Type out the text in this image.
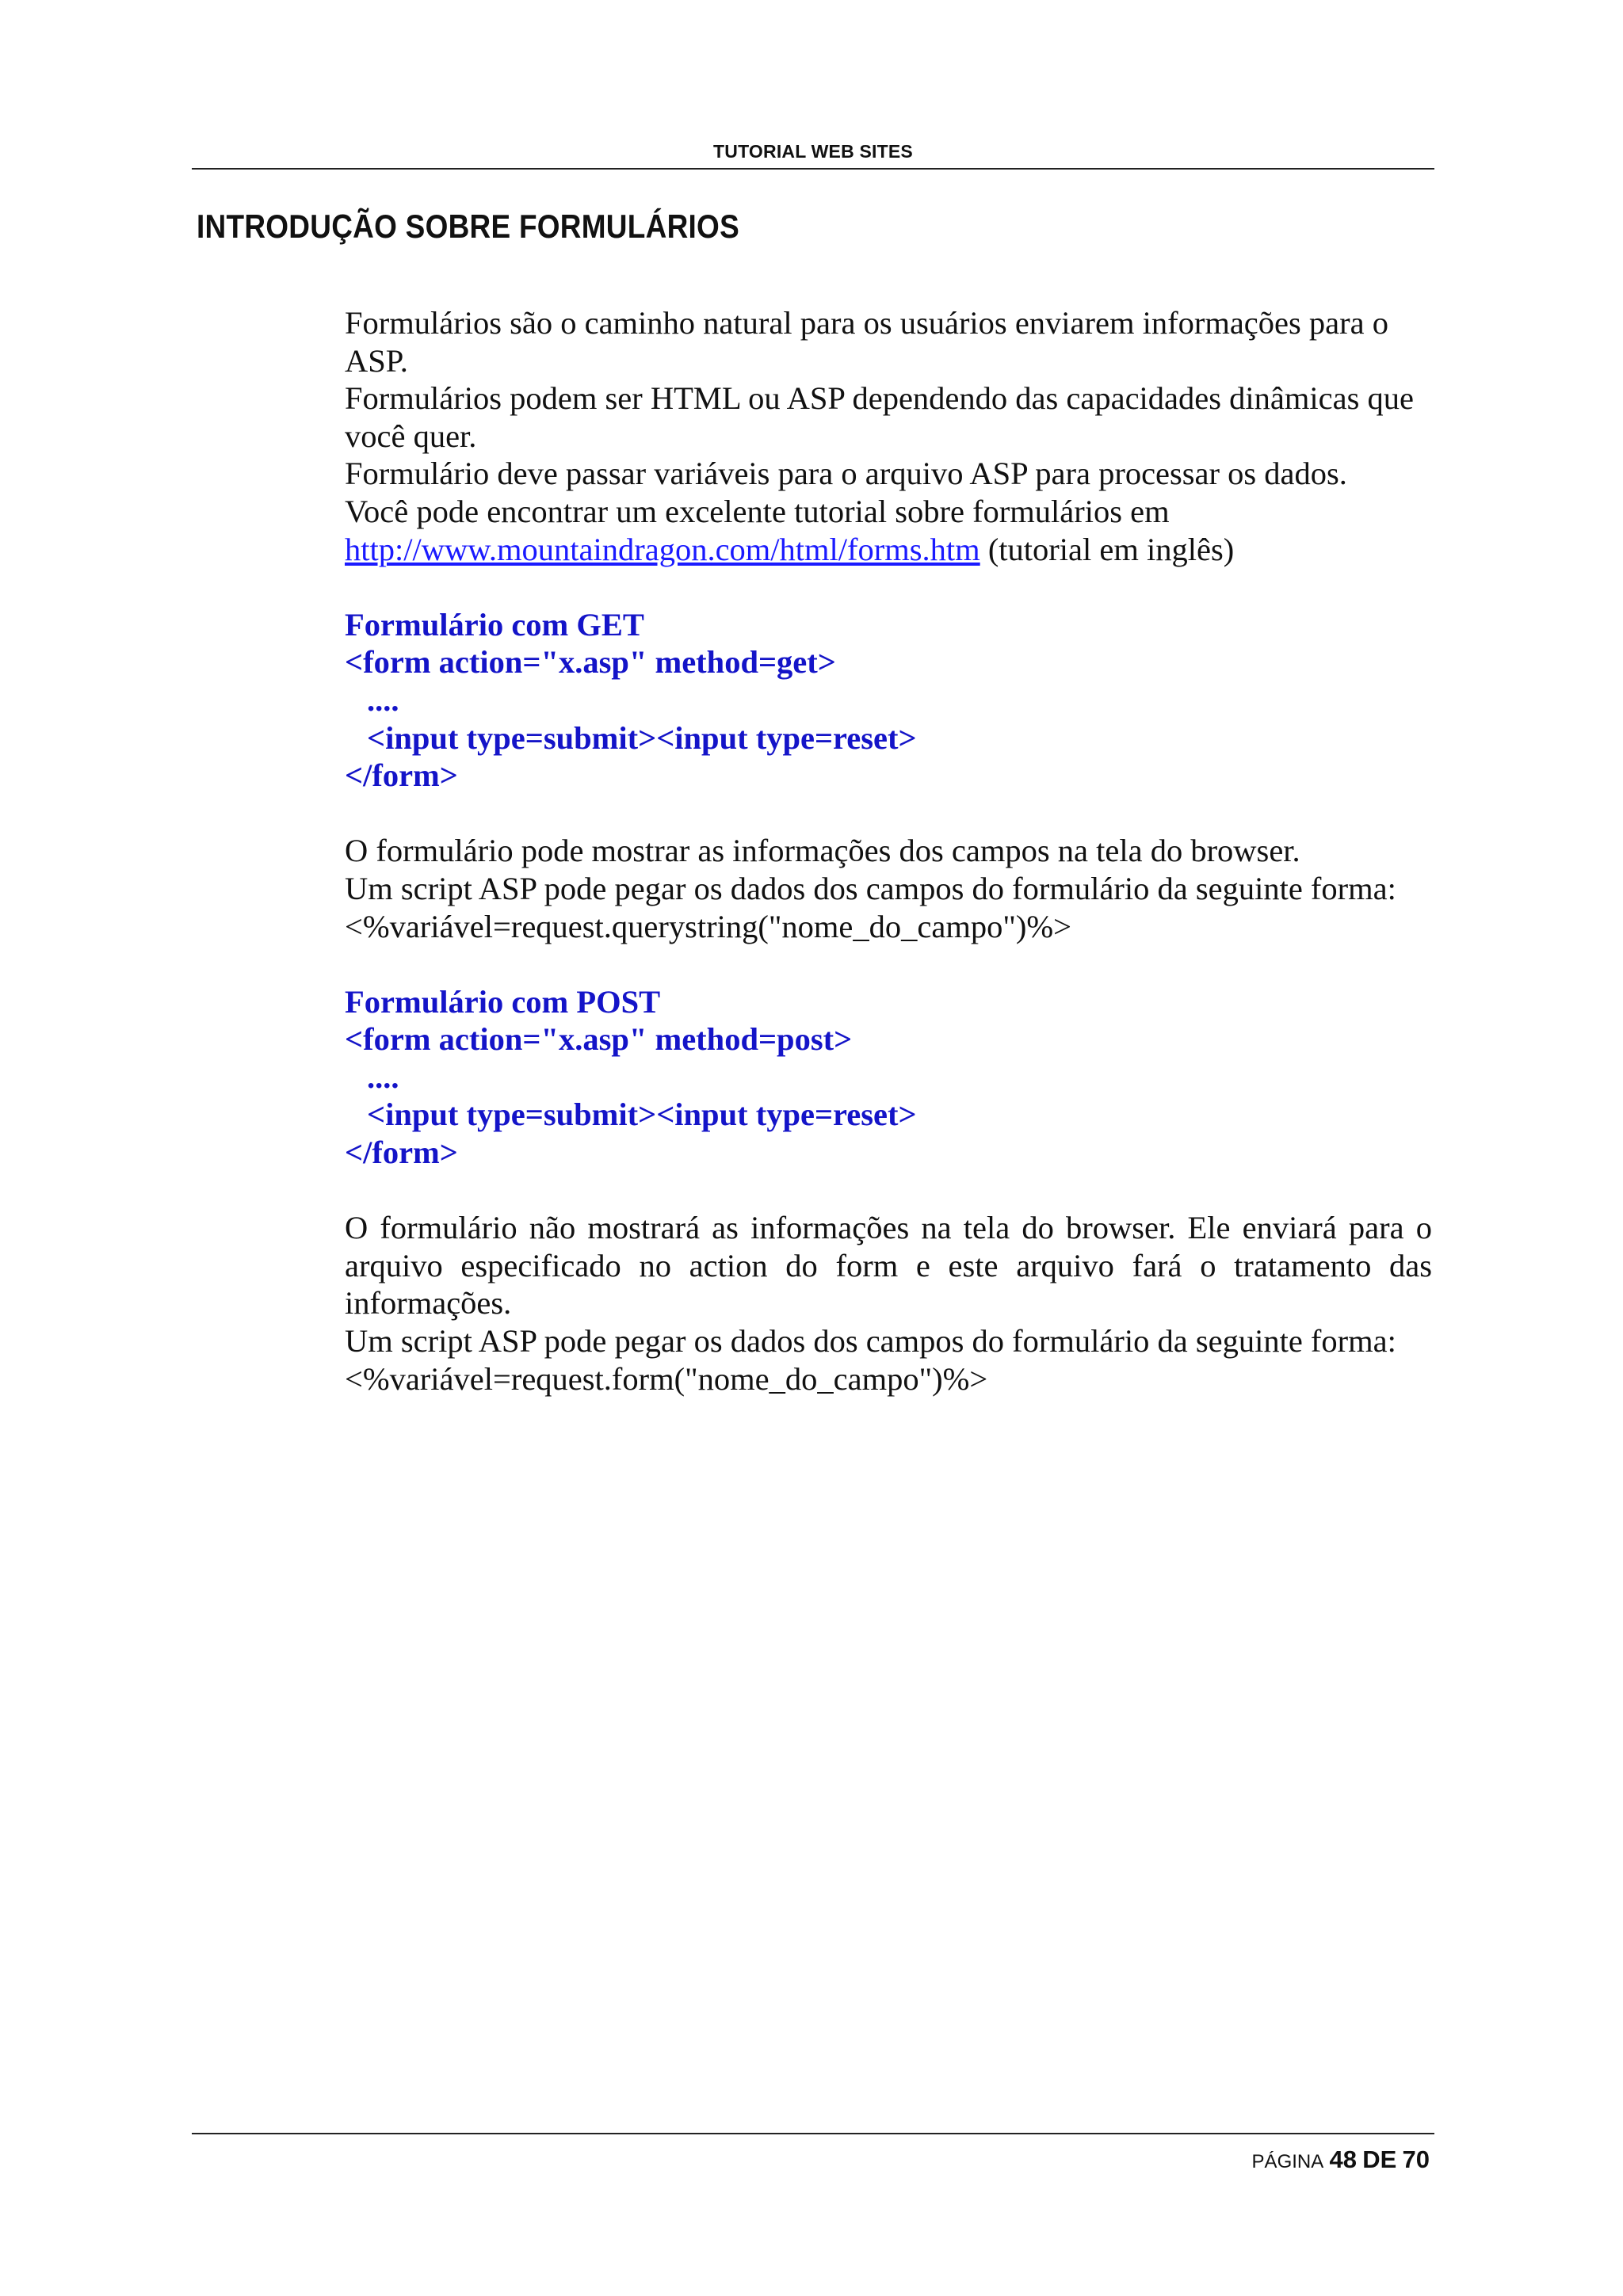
TUTORIAL WEB SITES
INTRODUÇÃO SOBRE FORMULÁRIOS

Formulários são o caminho natural para os usuários enviarem informações para o ASP.

Formulários podem ser HTML ou ASP dependendo das capacidades dinâmicas que você quer.

Formulário deve passar variáveis para o arquivo ASP para processar os dados.

Você pode encontrar um excelente tutorial sobre formulários em

http://www.mountaindragon.com/html/forms.htm (tutorial em inglês)

Formulário com GET

<form action="x.asp" method=get>

....

<input type=submit><input type=reset>

</form>

O formulário pode mostrar as informações dos campos na tela do browser.

Um script ASP pode pegar os dados dos campos do formulário da seguinte forma:

<%variável=request.querystring("nome_do_campo")%>

Formulário com POST

<form action="x.asp" method=post>

....

<input type=submit><input type=reset>

</form>

O formulário não mostrará as informações na tela do browser. Ele enviará para o arquivo especificado no action do form e este arquivo fará o tratamento das informações.

Um script ASP pode pegar os dados dos campos do formulário da seguinte forma:

<%variável=request.form("nome_do_campo")%>

PÁGINA 48 DE 70
